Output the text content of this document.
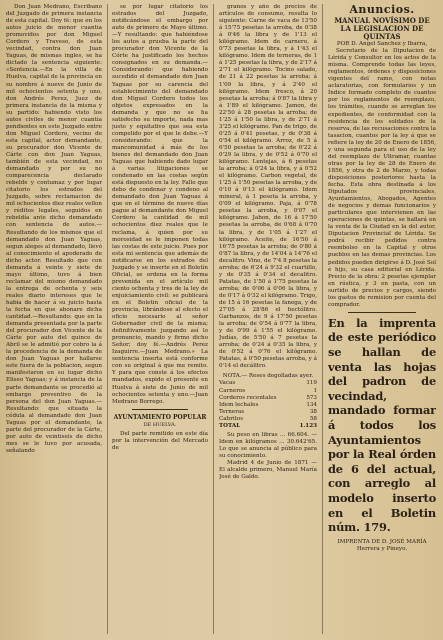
Don Juan Medrano, Escribano del Juzgado de primera instancia de esta capital. Doy fé: que en los autos juicio de menor cuantia promovidos por don Miguel Cordero y Traveso, de esta vecindad, contra don Juan Yaguas, de mismas ingles, se ha dictado la sentencia siguiente: «Sentencia.—En la villa de Huelva, capital de la provincia en su nombre á nueve de Junio de mil ochocientos setenta y uno, don Andrés Perez, Juez de primera instancia de la misma y su partido: habiendo visto los autos civiles de menor cuantia pendientes en este Juzgado entre don Miguel Cordero, vecino de esta capital, actor demandante, su procurador don Vicente de Cárte con don Juan Yaguas, también de esta vecindad, no demandado y por su no comparecencia declarado rebelde y contumaz y por lugar citatorio los estrados del Juzgado, sobre reclamacion de mil ochocientos diez reales vellon y réditos legales, seguidos en rebeldía ante dicho demandado con sentencia de autos.—Resultando de los mismos que el demandado don Juan Yaguas, segun aleges al demandado, llevó al conocimiento el apoderado de dicho actor. Resultado que con demanda á veinte y siete de mayo último, tuvo á bien reclamar del mismo demandado la entrega de ochenta y seis reales diario intereses que le habia de hacer á su juicio hasta la fecha en que abonare dicha cantidad.—Resultando: que en la demanda presentada por la parte del procurador don Vicente de la Cárte por auto del quince de Abril se le admitió por cobro la á la procedencia de la demanda de don Juan Yaguas por hallarse este fuera de la poblacion, segun manifestaron en su lugar dicho Eliseo Yaguas; y á instancia de la parte demandante se procedió al embargo preventivo de la persona del don Juan Yaguas.—Resultando: que situada la cédula al demandado don Juan Yaguas por el demandante, la parte del procurador de la Cárte, por auto de veintiseis de dicho mes se le tuvo por acusada, señalando

se por lugar citatorio los estrados del Juzgado, notificándose el embargo por auto de primero de Mayo último.—Y resultando: que habiéndose los autos a prueba la parte del procurador don Vicente de la Córte ha justificado los hechos consignados en su demanda.—Considerando: que habiendo sucedido el demandado don Juan Yaguas por su carencia del establecimiento del demandado don Miguel Cordero todos los objetos expresados en la demanda y que no se ha satisfecho su importe, nada mas justo y equitativo que sea esta compelido por el que le debe.—Y considerando: que la mancomunidad á más de los bienes del demandado don Juan Yaguas que habiendo dado lugar á varias litigaciones se condenado en las costas según está dispuesto en la ley. Fallo que debo de condenar y condeno al demandado don Juan Yaguas á que en el término de nueve días pague al demandante don Miguel Cordero la cantidad de mil ochocientos diez reales que le reclama, á quien por su morosidad se le imponen todas las costas de este juicio. Pues por esta mi sentencia que además de notificarse en los estrados del Juzgado y se inserte en el Boletín Oficial, se ordena en la forma prevenida en el artículo mil ciento ochenta y tres de la ley de enjuiciamiento civil: se publicará en el Boletin oficial de la provincia, librándose al efecto el oficio necesario al señor Gobernador civil de la misma; definitivamente juzgando así lo pronuncio, mando y firmo dicho Señor; doy fé.—Andrés Perez Izaguirre.—Juan Medrano.» La sentencia inserta está conforme con su original á que me remito. Y para que conste á los efectos mandados, expido el presente en Huelva á siete de Junio de mil ochocientos setenta y uno.—Juan Medrano Borrego.

AYUNTAMIENTO POPULAR
DE HUELVA.

Del parte remitido en este día por la intervención del Mercado de

granos y año de precios de artículos de consumo, resulta lo siguiente: Carne de vaca de 13'50 á 15'75 pesetas la arroba, de 0'38 á 0'46 la libra y de 1'13 el kilógramo. Idem de carnero, á 0'73 pesetas la libra, y á 1'43 el kilógramo. Idem de terneras, de 1 á 1'25 pesetas la libra, y de 2'17 á 2'71 el kilógramo. Tocino salado, de 21 á 22 pesetas la arroba; á 1'09 la libra, y á 2'40 el kilógramo. Idem fresco, á 20 pesetas la arroba; á 0'87 la libra y á 1'89 el kilógramo. Jamon, de 22'50 á 28 pesetas la arroba; de 1'25 á 1'50 la libra, y de 2'71 á 3'25 el kilógramo. Pan de trigo, de 0'25 á 0'41 pesetas, y de 0'38 á 0'54 el kilógramo. Arroz, de 5 á 6'50 pesetas la arroba; de 0'22 á 0'29 la libra, y de 0'52 á 0'70 el kilógramo. Lentejas, á 6 pesetas la arroba; á 0'24 la libra, y á 0'52 el kilógramo. Carbon vegetal, de 1'25 á 1'50 pesetas la arroba, y de 0'10 á 0'13 el kilógramo. Idem mineral, á 1 peseta la arroba, y 0'09 el kilógramo. Paja, á 0'78 pesetas la arroba, y 0'07 el kilógramo. Jabon, de 16 á 17'50 pesetas la arroba, de 0'68 á 0'70 la libra, y de 1'05 á 1'27 el kilógramo. Aceite, de 16'50 á 16'75 pesetas la arroba; de 0'80 á 0'87 la libra, y de 14'04 á 14'76 el decalitro. Vino, de 7'4 8 pesetas la arroba; de 6'24 á 9'32 el cuartillo, y de 0'35 á 0'34 el decalitro. Patatas, de 1'50 á 1'75 pesetas la arroba; de 0'06 á 0'06 la libra, y de 0'17 á 0'32 el kilógramo. Trigo, de 15 á 16 pesetas la fanega, y de 27'05 á 28'86 el hectólitro. Garbanzos, de 9 á 17'50 pesetas la arroba; de 0'54 á 0'77 la libra, y de 0'99 á 1'55 el kilógramo. Judías, de 5'50 á 7 pesetas la arroba; de 0'24 á 0'35 la libra, y de 0'52 á 0'76 el kilógramo. Patatas, á 0'50 pesetas arroba, y á 0'14 el decálitro.

NOTA.— Reses degolladas ayer.
Vacas	119
Carneros	1
Corderos recentales	573
Idem lechales	134
Terneras	38
Cabritos	58
TOTAL	1.123

Su peso en libras ... 66.604. — Idem en kilógramos ... 30.642'65. Lo que se anuncia al público para su conocimiento.

Madrid 4 de Junio de 1871 — El alcalde primero, Manuel María José de Galdo.

Anuncios.
MANUAL NOVÍSIMO DE LA LEGISLACION DE QUINTAS
POR D. Angel Sanchez y Ibarra,

Secretario de la Diputacion de Lérida y Consultor en los actos de la misma. Comprende todas las leyes, reglamentos, órdenes y disposiciones vigentes del ramo, con notas aclaratorias, con formularios y un Índice formado completo de cuantos por los reglamentos de reemplazo, los trámites, cuando se arreglan los expedientes, de conformidad con la residencia de los soldados de la reserva, de las recusaciones contra la tasacion, cuantos por la ley á que se refiere la ley de 20 de Enero de 1856, y una segunda para el uso de la ley del reemplazo de Ultramar, cuantas otras por la ley de 28 de Enero de 1856, y otra de 2 de Marzo, y todas disposiciones posteriores hasta la fecha. Esta obra destinada á los Diputados provinciales, Ayuntamientos, Abogados, Agentes de negocios y demas funcionarios y particulares que intervienen en las operaciones de quintas, se hallará en la venta de la Ciudad en la del autor, Diputacion Provincial de Lérida. Se podrá recibir pedidos contra reembolso en la Capital y otros pueblos en las demas provincias. Los pedidos pueden dirigirse á D. José Sol é hijo, su casa editorial en Lérida. Precio de la obra: 2 pesetas ejemplar en rústica, y 3 en pasta, con un surtido de precios y cargos, siendo los gastos de remision por cuenta del comprador.

En la imprenta de este periódico se hallan de venta las hojas del padron de vecindad, mandado formar á todos los Ayuntamientos por la Real órden de 6 del actual, con arreglo al modelo inserto en el Boletin núm. 179.
IMPRENTA DE D. JOSÉ MARÍA Herrera y Pineyo.
